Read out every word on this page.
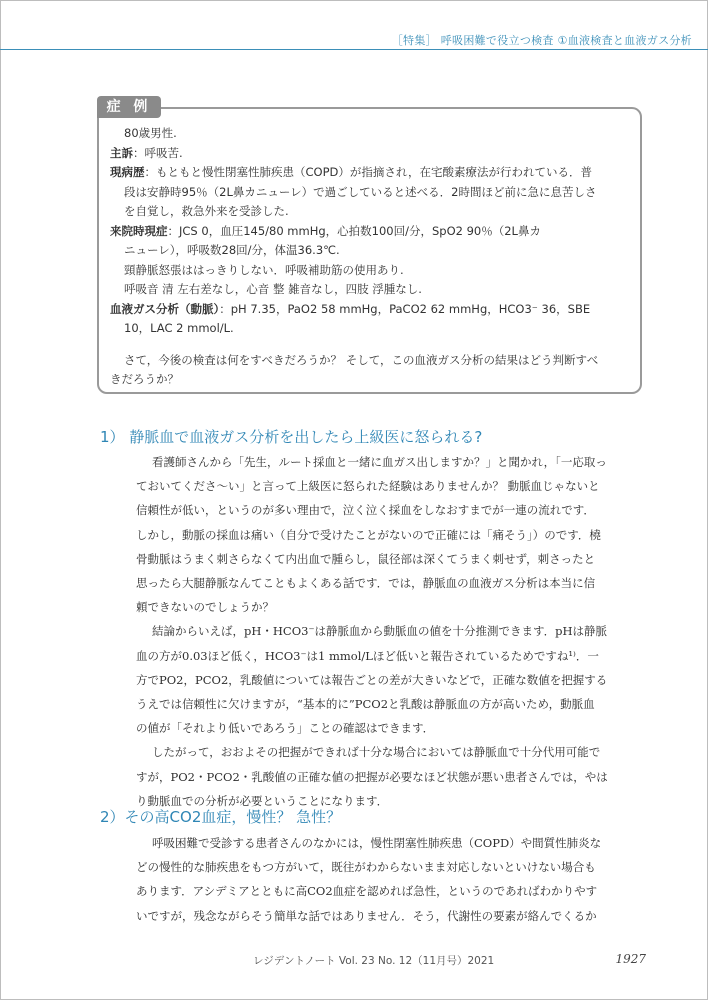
［特集］ 呼吸困難で役立つ検査 ①血液検査と血液ガス分析
症 例
80歳男性.
主訴：呼吸苦.
現病歴：もともと慢性閉塞性肺疾患（COPD）が指摘され，在宅酸素療法が行われている．普
段は安静時95％（2L鼻カニューレ）で過ごしていると述べる．2時間ほど前に急に息苦しさ
を自覚し，救急外来を受診した.
来院時現症：JCS 0，血圧145/80 mmHg，心拍数100回/分，SpO2 90％（2L鼻カ
ニューレ），呼吸数28回/分，体温36.3℃.
頸静脈怒張ははっきりしない．呼吸補助筋の使用あり.
呼吸音 清 左右差なし，心音 整 雑音なし，四肢 浮腫なし.
血液ガス分析（動脈）：pH 7.35，PaO2 58 mmHg，PaCO2 62 mmHg，HCO3⁻ 36，SBE
10，LAC 2 mmol/L.
さて，今後の検査は何をすべきだろうか？ そして，この血液ガス分析の結果はどう判断すべ
きだろうか？
1） 静脈血で血液ガス分析を出したら上級医に怒られる?
看護師さんから「先生，ルート採血と一緒に血ガス出しますか？」と聞かれ，「一応取っ
ておいてくださ〜い」と言って上級医に怒られた経験はありませんか？ 動脈血じゃないと
信頼性が低い，というのが多い理由で，泣く泣く採血をしなおすまでが一連の流れです．
しかし，動脈の採血は痛い（自分で受けたことがないので正確には「痛そう」）のです．橈
骨動脈はうまく刺さらなくて内出血で腫らし，鼠径部は深くてうまく刺せず，刺さったと
思ったら大腿静脈なんてこともよくある話です．では，静脈血の血液ガス分析は本当に信
頼できないのでしょうか？
結論からいえば，pH・HCO3⁻は静脈血から動脈血の値を十分推測できます．pHは静脈
血の方が0.03ほど低く，HCO3⁻は1 mmol/Lほど低いと報告されているためですね¹⁾．一
方でPO2，PCO2，乳酸値については報告ごとの差が大きいなどで，正確な数値を把握する
うえでは信頼性に欠けますが，“基本的に”PCO2と乳酸は静脈血の方が高いため，動脈血
の値が「それより低いであろう」ことの確認はできます．
したがって，おおよその把握ができれば十分な場合においては静脈血で十分代用可能で
すが，PO2・PCO2・乳酸値の正確な値の把握が必要なほど状態が悪い患者さんでは，やは
り動脈血での分析が必要ということになります．
2）その高CO2血症，慢性？ 急性？
呼吸困難で受診する患者さんのなかには，慢性閉塞性肺疾患（COPD）や間質性肺炎な
どの慢性的な肺疾患をもつ方がいて，既往がわからないまま対応しないといけない場合も
あります．アシデミアとともに高CO2血症を認めれば急性，というのであればわかりやす
いですが，残念ながらそう簡単な話ではありません．そう，代謝性の要素が絡んでくるか
レジデントノート Vol. 23 No. 12（11月号）2021	1927
